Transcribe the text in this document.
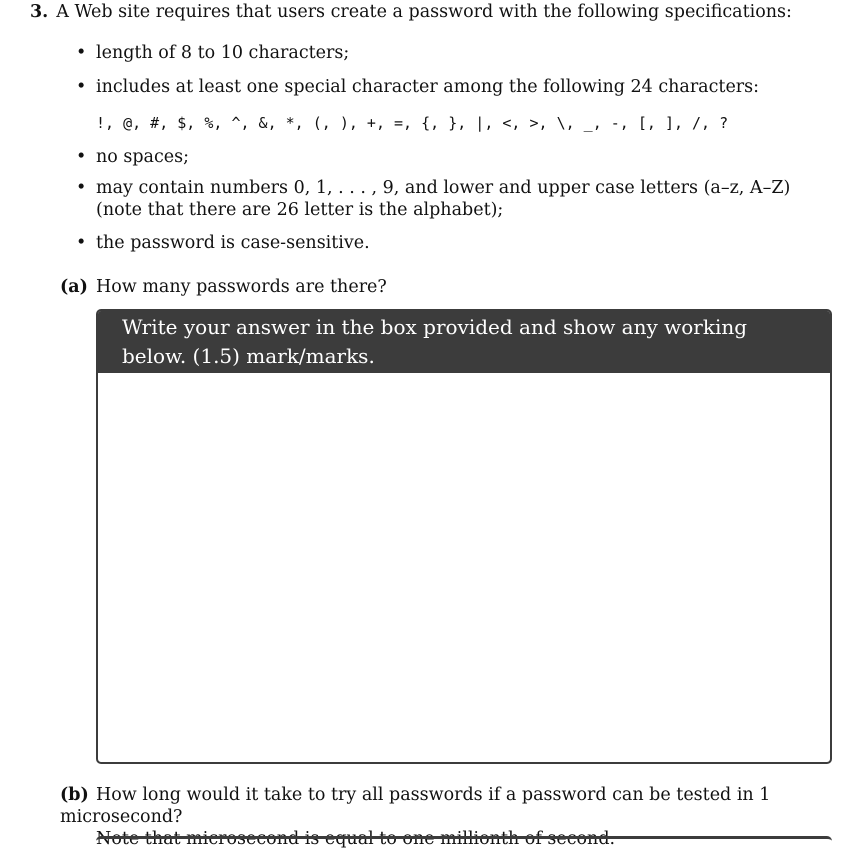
3. A Web site requires that users create a password with the following specifications:
• length of 8 to 10 characters;
• includes at least one special character among the following 24 characters:
!, @, #, $, %, ^, &, *, (, ), +, =, {, }, |, <, >, \, _, -, [, ], /, ?
• no spaces;
• may contain numbers 0, 1, . . . , 9, and lower and upper case letters (a–z, A–Z) (note that there are 26 letter is the alphabet);
• the password is case-sensitive.
(a) How many passwords are there?
Write your answer in the box provided and show any working below. (1.5) mark/marks.
(b) How long would it take to try all passwords if a password can be tested in 1 microsecond?
Note that microsecond is equal to one millionth of second.
